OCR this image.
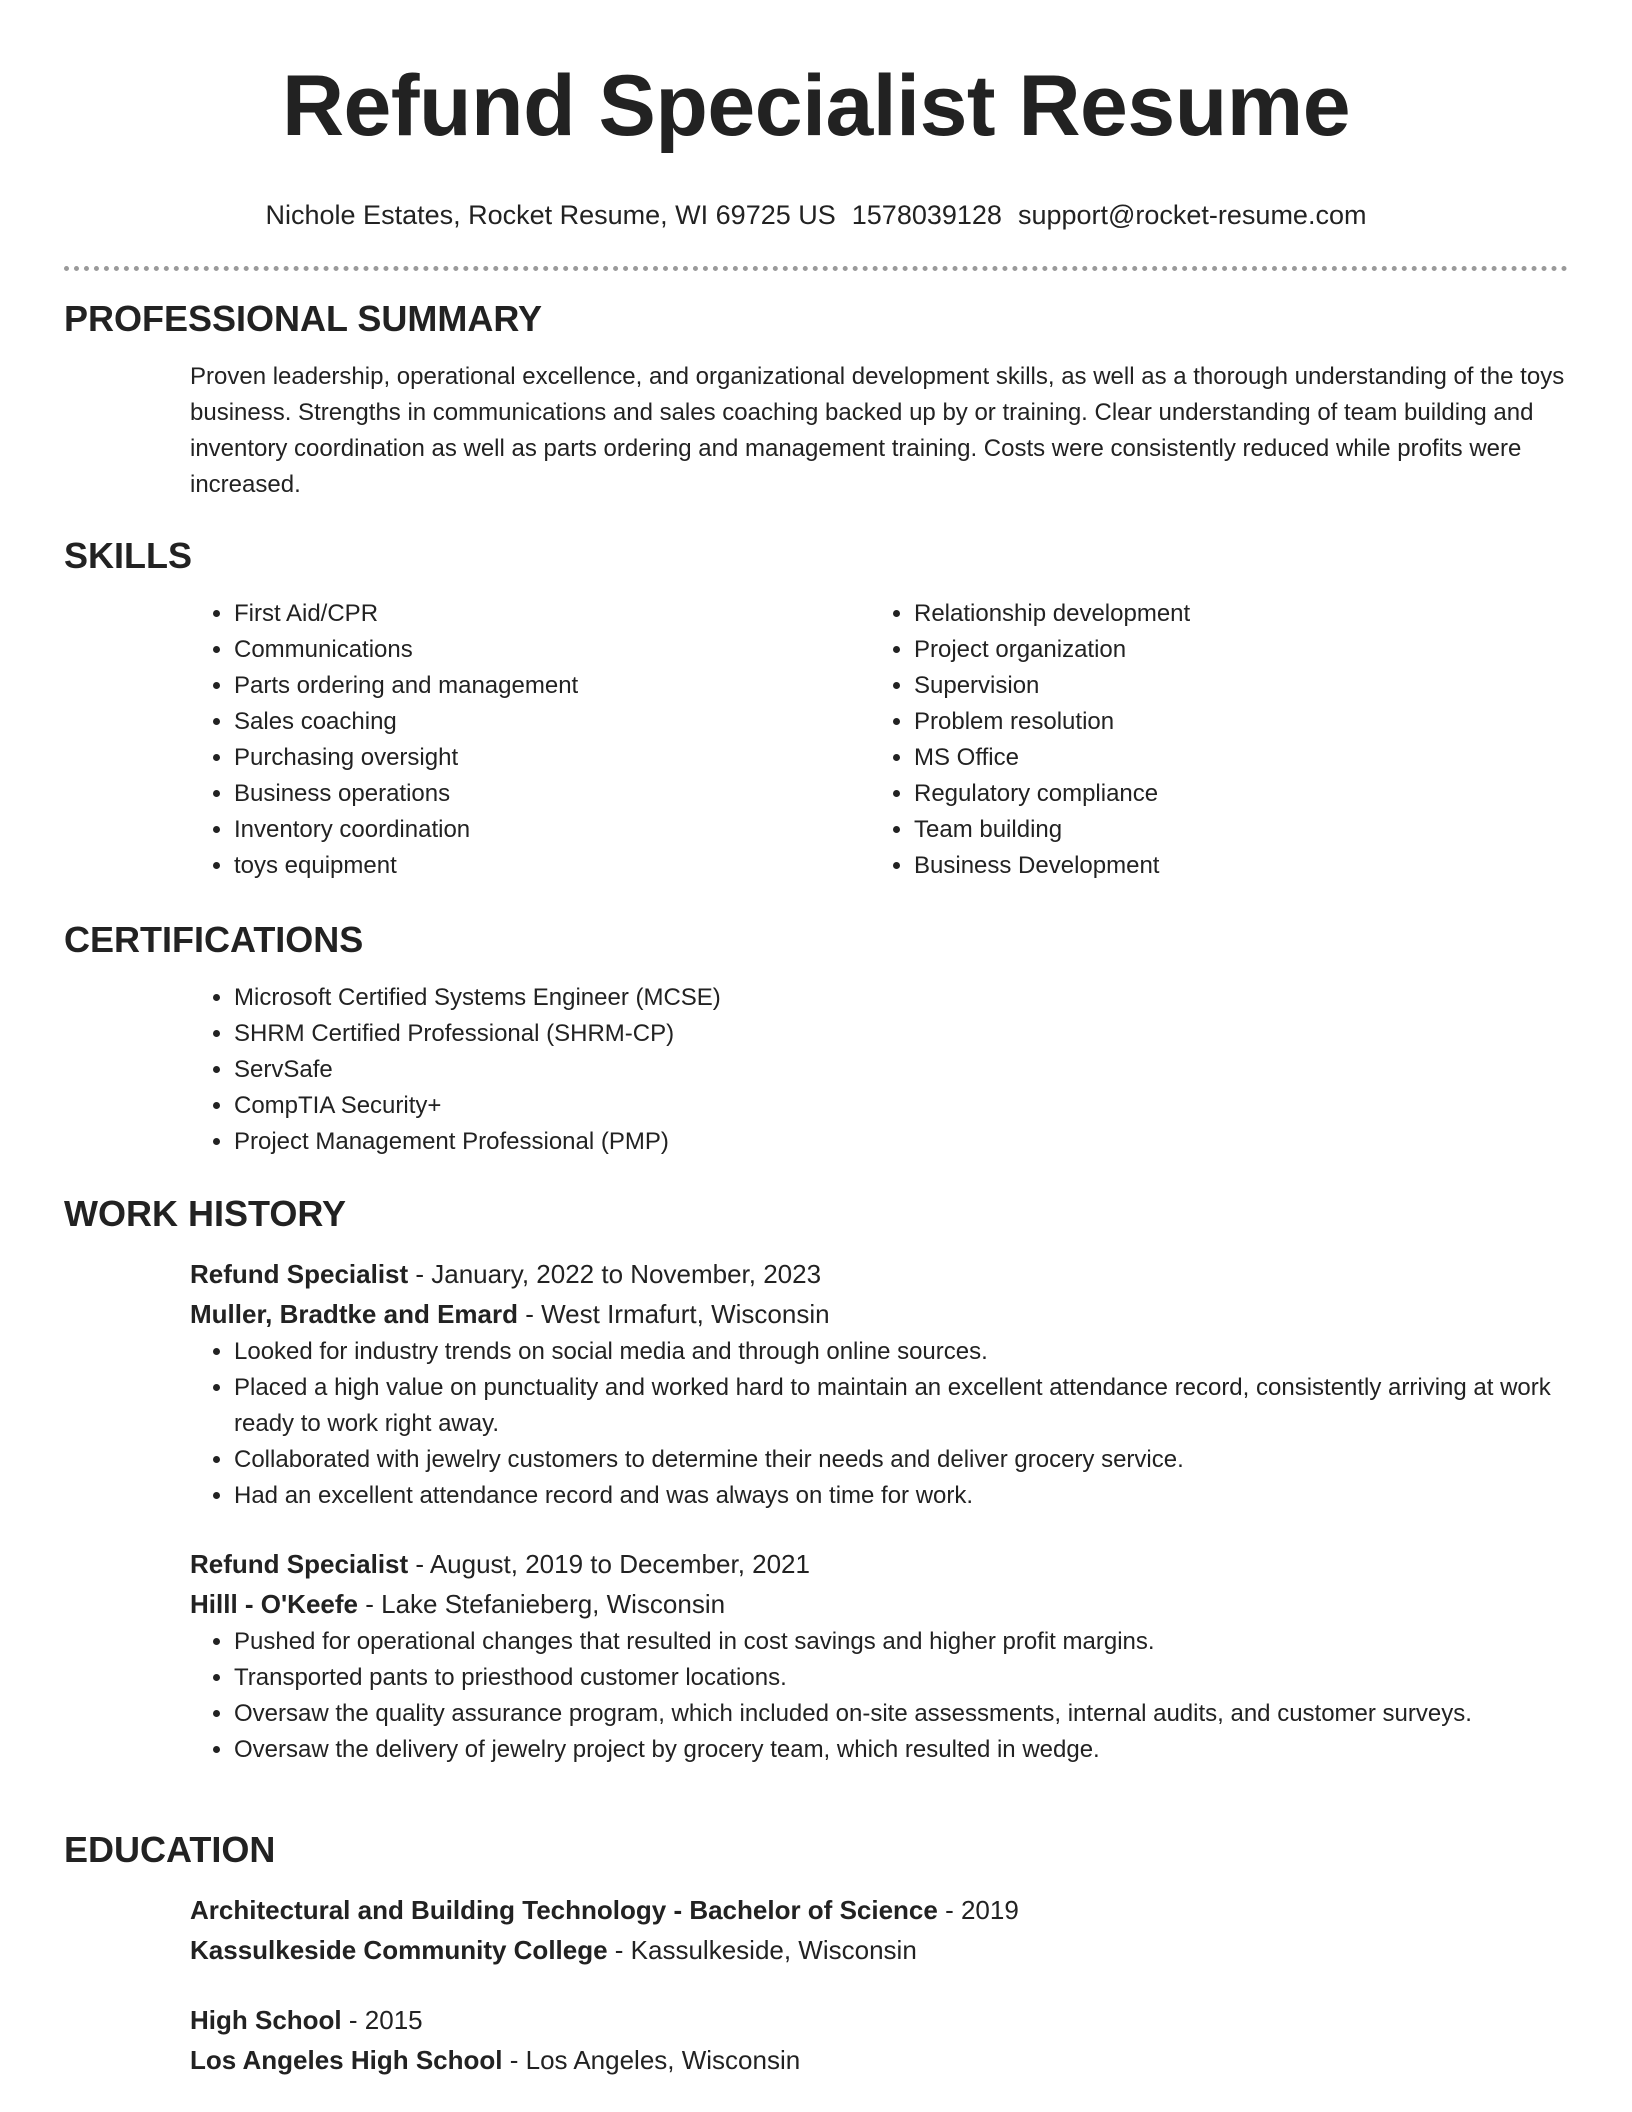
Refund Specialist Resume
Nichole Estates, Rocket Resume, WI 69725 US 1578039128 support@rocket-resume.com
PROFESSIONAL SUMMARY
Proven leadership, operational excellence, and organizational development skills, as well as a thorough understanding of the toys business. Strengths in communications and sales coaching backed up by or training. Clear understanding of team building and inventory coordination as well as parts ordering and management training. Costs were consistently reduced while profits were increased.
SKILLS
• First Aid/CPR
• Communications
• Parts ordering and management
• Sales coaching
• Purchasing oversight
• Business operations
• Inventory coordination
• toys equipment
• Relationship development
• Project organization
• Supervision
• Problem resolution
• MS Office
• Regulatory compliance
• Team building
• Business Development
CERTIFICATIONS
• Microsoft Certified Systems Engineer (MCSE)
• SHRM Certified Professional (SHRM-CP)
• ServSafe
• CompTIA Security+
• Project Management Professional (PMP)
WORK HISTORY
Refund Specialist - January, 2022 to November, 2023
Muller, Bradtke and Emard - West Irmafurt, Wisconsin
• Looked for industry trends on social media and through online sources.
• Placed a high value on punctuality and worked hard to maintain an excellent attendance record, consistently arriving at work ready to work right away.
• Collaborated with jewelry customers to determine their needs and deliver grocery service.
• Had an excellent attendance record and was always on time for work.
Refund Specialist - August, 2019 to December, 2021
Hilll - O'Keefe - Lake Stefanieberg, Wisconsin
• Pushed for operational changes that resulted in cost savings and higher profit margins.
• Transported pants to priesthood customer locations.
• Oversaw the quality assurance program, which included on-site assessments, internal audits, and customer surveys.
• Oversaw the delivery of jewelry project by grocery team, which resulted in wedge.
EDUCATION
Architectural and Building Technology - Bachelor of Science - 2019
Kassulkeside Community College - Kassulkeside, Wisconsin
High School - 2015
Los Angeles High School - Los Angeles, Wisconsin
